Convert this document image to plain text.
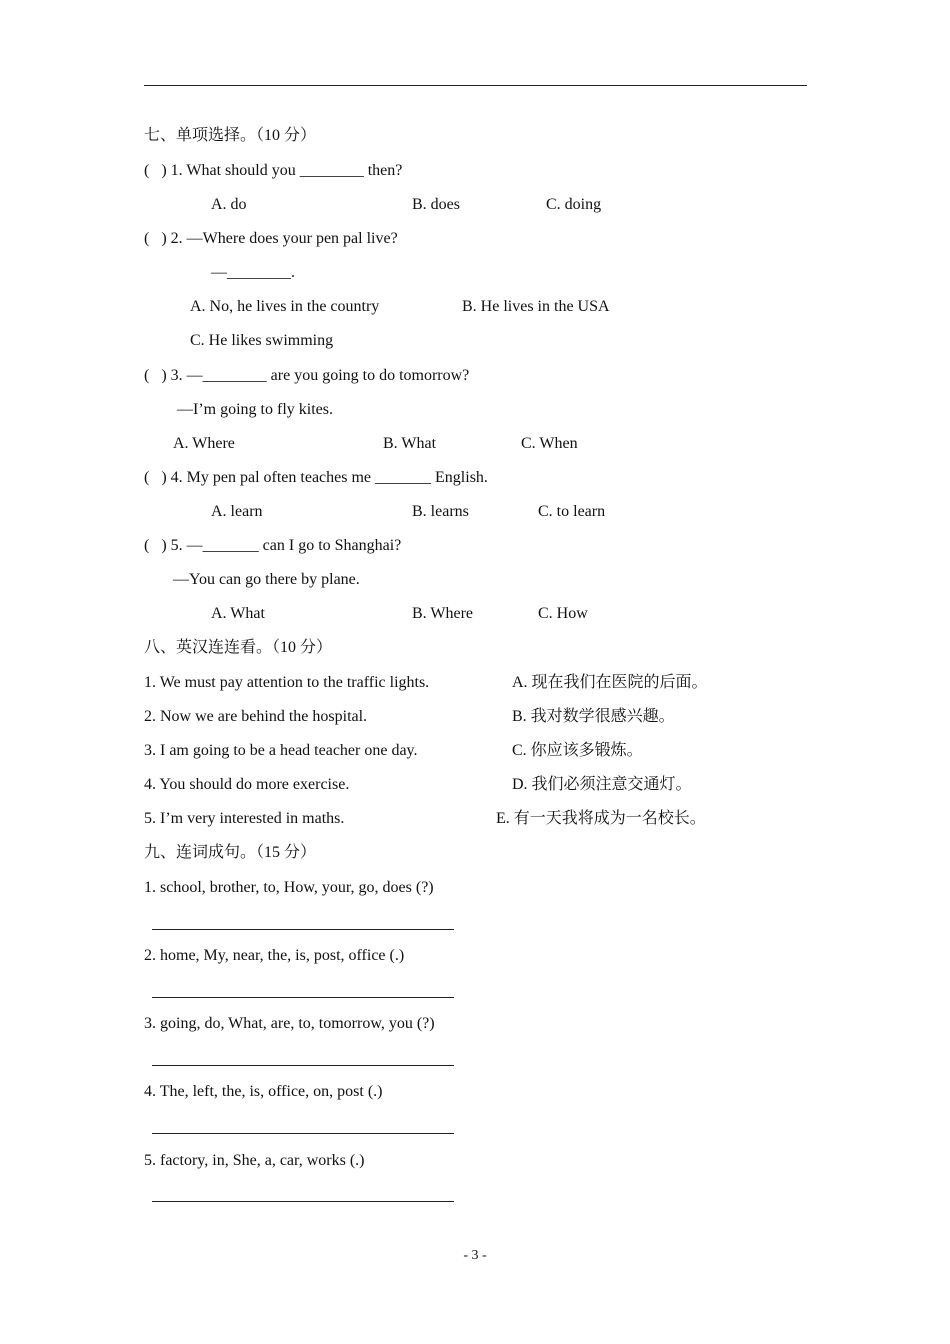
七、单项选择。（10 分）
(   ) 1. What should you ________ then?
A. do	B. does	C. doing
(   ) 2. —Where does your pen pal live?
—________.
A. No, he lives in the country	B. He lives in the USA
C. He likes swimming
(   ) 3. —________ are you going to do tomorrow?
—I’m going to fly kites.
A. Where	B. What	C. When
(   ) 4. My pen pal often teaches me _______ English.
A. learn	B. learns	C. to learn
(   ) 5. —_______ can I go to Shanghai?
—You can go there by plane.
A. What	B. Where	C. How
八、英汉连连看。（10 分）
1. We must pay attention to the traffic lights.	A. 现在我们在医院的后面。
2. Now we are behind the hospital.	B. 我对数学很感兴趣。
3. I am going to be a head teacher one day.	C. 你应该多锻炼。
4. You should do more exercise.	D. 我们必须注意交通灯。
5. I’m very interested in maths.	E. 有一天我将成为一名校长。
九、连词成句。（15 分）
1. school, brother, to, How, your, go, does (?)
2. home, My, near, the, is, post, office (.)
3. going, do, What, are, to, tomorrow, you (?)
4. The, left, the, is, office, on, post (.)
5. factory, in, She, a, car, works (.)
- 3 -
